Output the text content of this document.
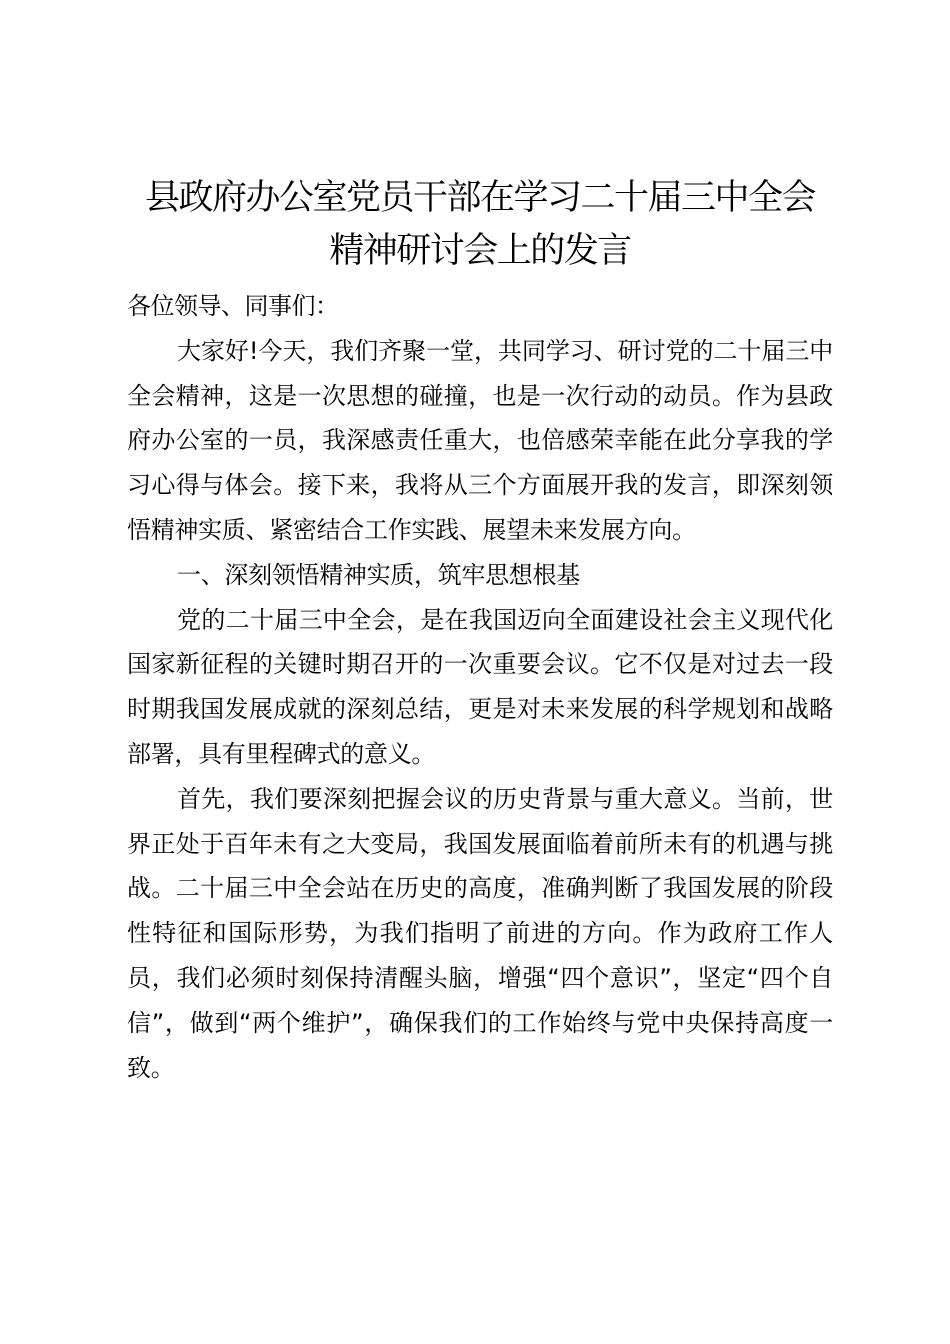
县政府办公室党员干部在学习二十届三中全会
精神研讨会上的发言

各位领导、同事们：

大家好!今天，我们齐聚一堂，共同学习、研讨党的二十届三中全会精神，这是一次思想的碰撞，也是一次行动的动员。作为县政府办公室的一员，我深感责任重大，也倍感荣幸能在此分享我的学习心得与体会。接下来，我将从三个方面展开我的发言，即深刻领悟精神实质、紧密结合工作实践、展望未来发展方向。

一、深刻领悟精神实质，筑牢思想根基

党的二十届三中全会，是在我国迈向全面建设社会主义现代化国家新征程的关键时期召开的一次重要会议。它不仅是对过去一段时期我国发展成就的深刻总结，更是对未来发展的科学规划和战略部署，具有里程碑式的意义。

首先，我们要深刻把握会议的历史背景与重大意义。当前，世界正处于百年未有之大变局，我国发展面临着前所未有的机遇与挑战。二十届三中全会站在历史的高度，准确判断了我国发展的阶段性特征和国际形势，为我们指明了前进的方向。作为政府工作人员，我们必须时刻保持清醒头脑，增强“四个意识”，坚定“四个自信”，做到“两个维护”，确保我们的工作始终与党中央保持高度一致。
